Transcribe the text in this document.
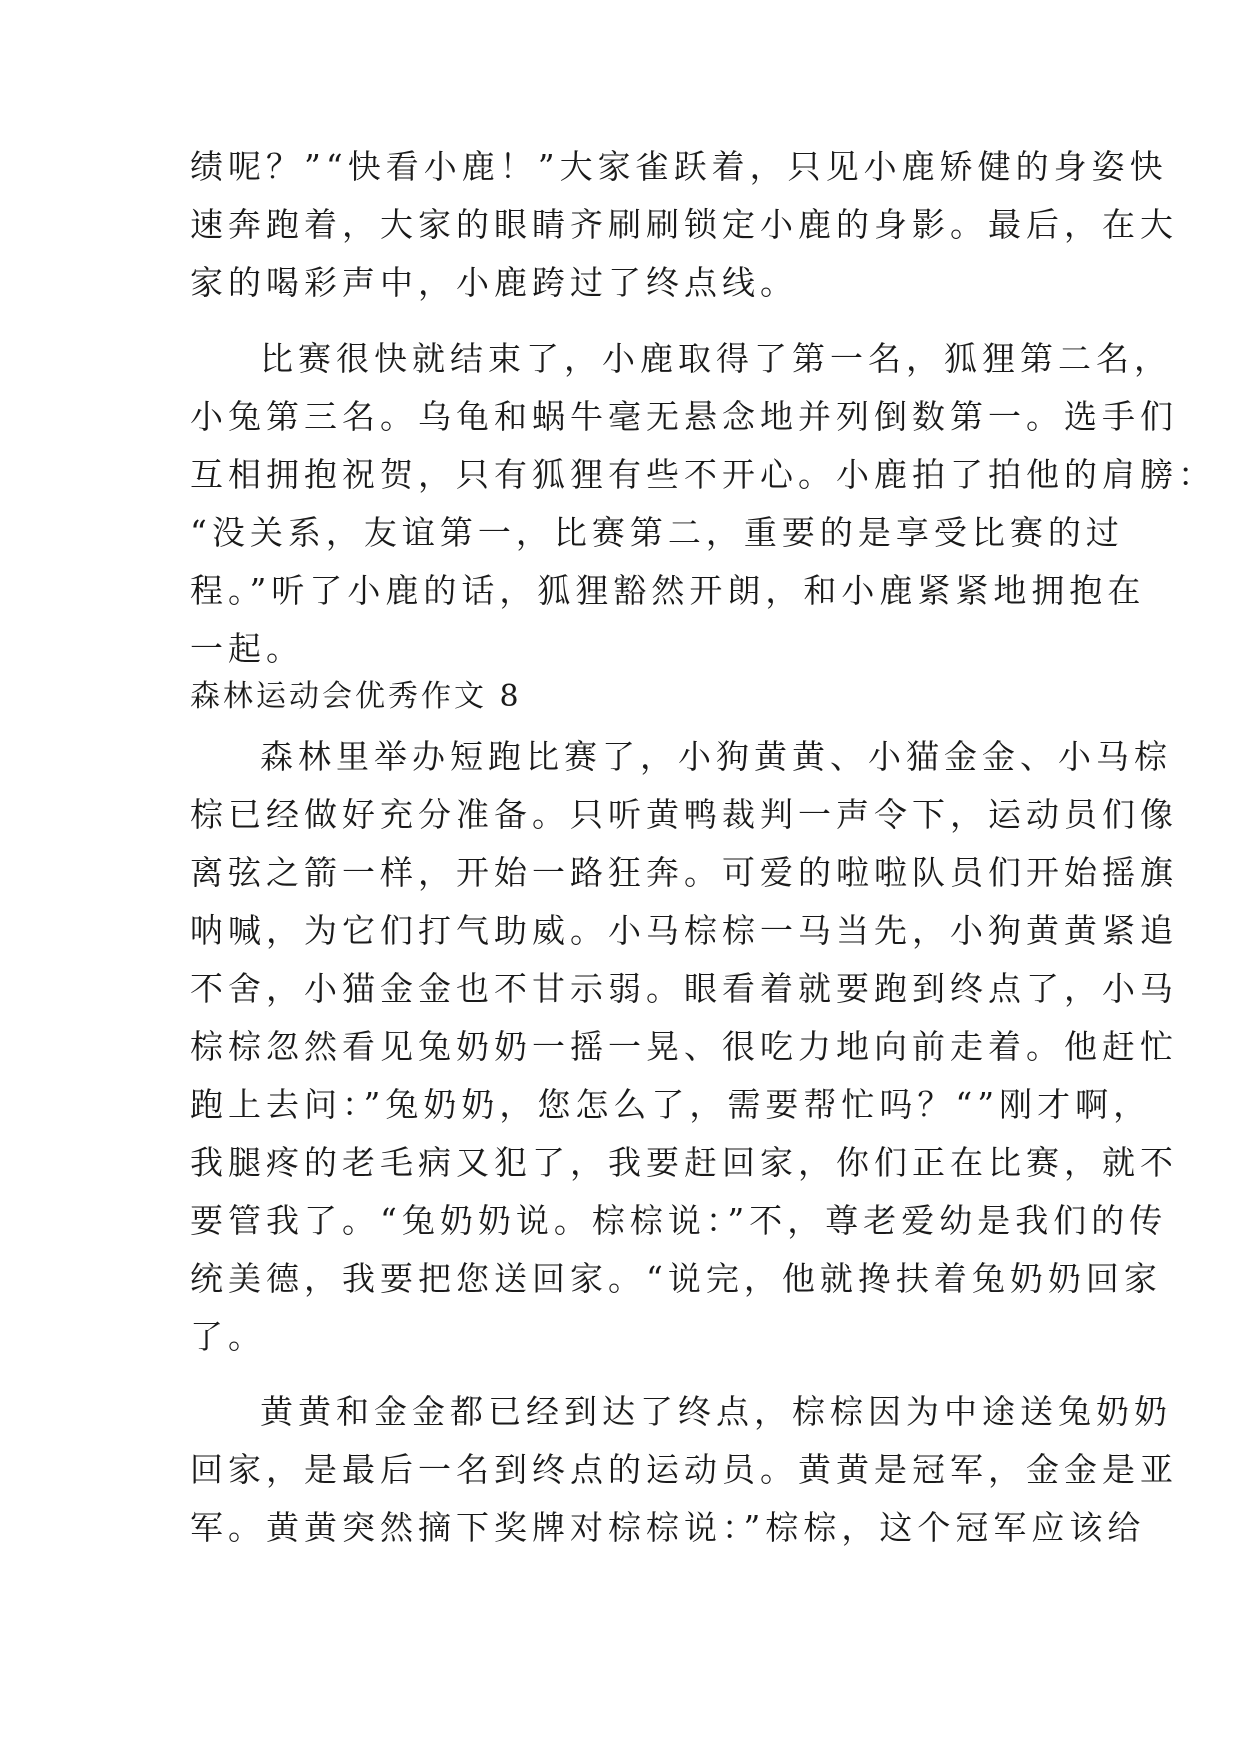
绩呢？”“快看小鹿！”大家雀跃着，只见小鹿矫健的身姿快
速奔跑着，大家的眼睛齐刷刷锁定小鹿的身影。最后，在大
家的喝彩声中，小鹿跨过了终点线。
比赛很快就结束了，小鹿取得了第一名，狐狸第二名，
小兔第三名。乌龟和蜗牛毫无悬念地并列倒数第一。选手们
互相拥抱祝贺，只有狐狸有些不开心。小鹿拍了拍他的肩膀：
“没关系，友谊第一，比赛第二，重要的是享受比赛的过
程。”听了小鹿的话，狐狸豁然开朗，和小鹿紧紧地拥抱在
一起。
森林运动会优秀作文 8
森林里举办短跑比赛了，小狗黄黄、小猫金金、小马棕
棕已经做好充分准备。只听黄鸭裁判一声令下，运动员们像
离弦之箭一样，开始一路狂奔。可爱的啦啦队员们开始摇旗
呐喊，为它们打气助威。小马棕棕一马当先，小狗黄黄紧追
不舍，小猫金金也不甘示弱。眼看着就要跑到终点了，小马
棕棕忽然看见兔奶奶一摇一晃、很吃力地向前走着。他赶忙
跑上去问：”兔奶奶，您怎么了，需要帮忙吗？“”刚才啊，
我腿疼的老毛病又犯了，我要赶回家，你们正在比赛，就不
要管我了。“兔奶奶说。棕棕说：”不，尊老爱幼是我们的传
统美德，我要把您送回家。“说完，他就搀扶着兔奶奶回家
了。
黄黄和金金都已经到达了终点，棕棕因为中途送兔奶奶
回家，是最后一名到终点的运动员。黄黄是冠军，金金是亚
军。黄黄突然摘下奖牌对棕棕说：”棕棕，这个冠军应该给
